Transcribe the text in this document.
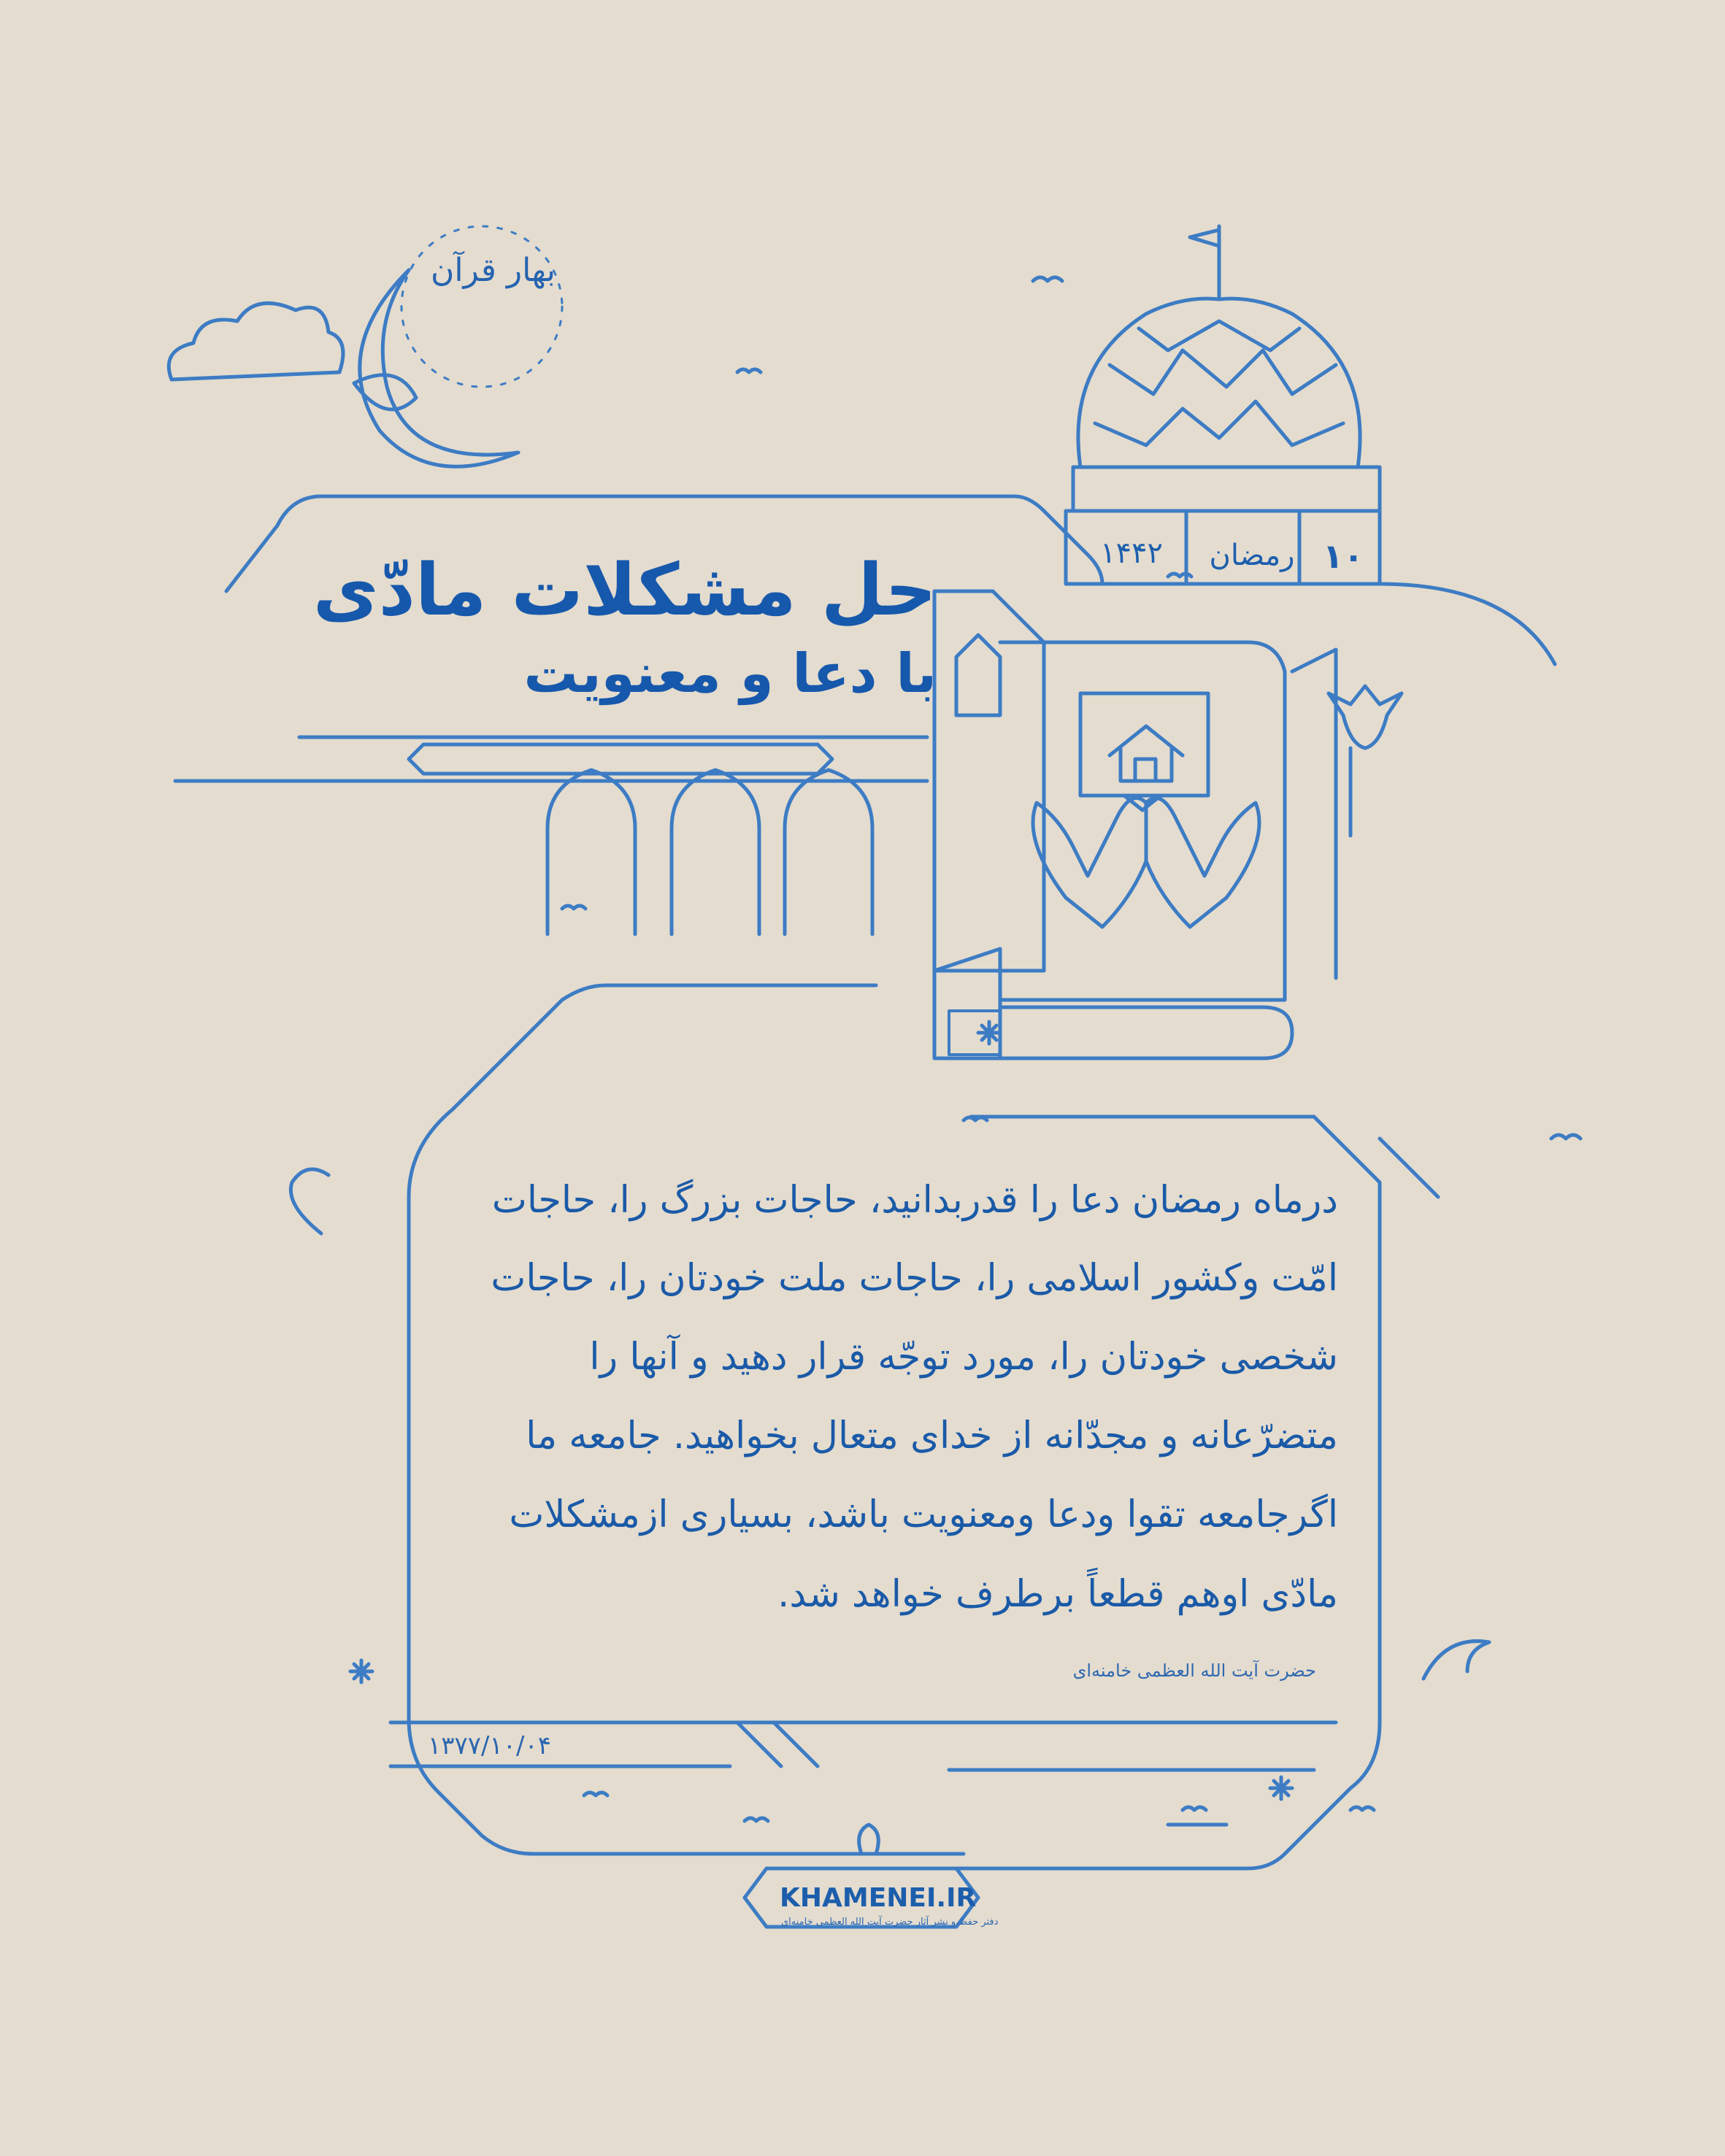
بهار قرآن
۱۰
رمضان
۱۴۴۲
حل مشکلات مادّی
با دعا و معنویت
درماه رمضان دعا را قدربدانید، حاجات بزرگ را، حاجات
امّت وکشور اسلامی را، حاجات ملت خودتان را، حاجات
شخصی خودتان را، مورد توجّه قرار دهید و آنها را
متضرّعانه و مجدّانه از خدای متعال بخواهید. جامعه ما
اگرجامعه تقوا ودعا ومعنویت باشد، بسیاری ازمشکلات
مادّی اوهم قطعاً برطرف خواهد شد.
حضرت آیت الله العظمی خامنه‌ای
۱۳۷۷/۱۰/۰۴
KHAMENEI.IR
دفتر حفظ و نشر آثار حضرت آیت الله العظمی خامنه‌ای
